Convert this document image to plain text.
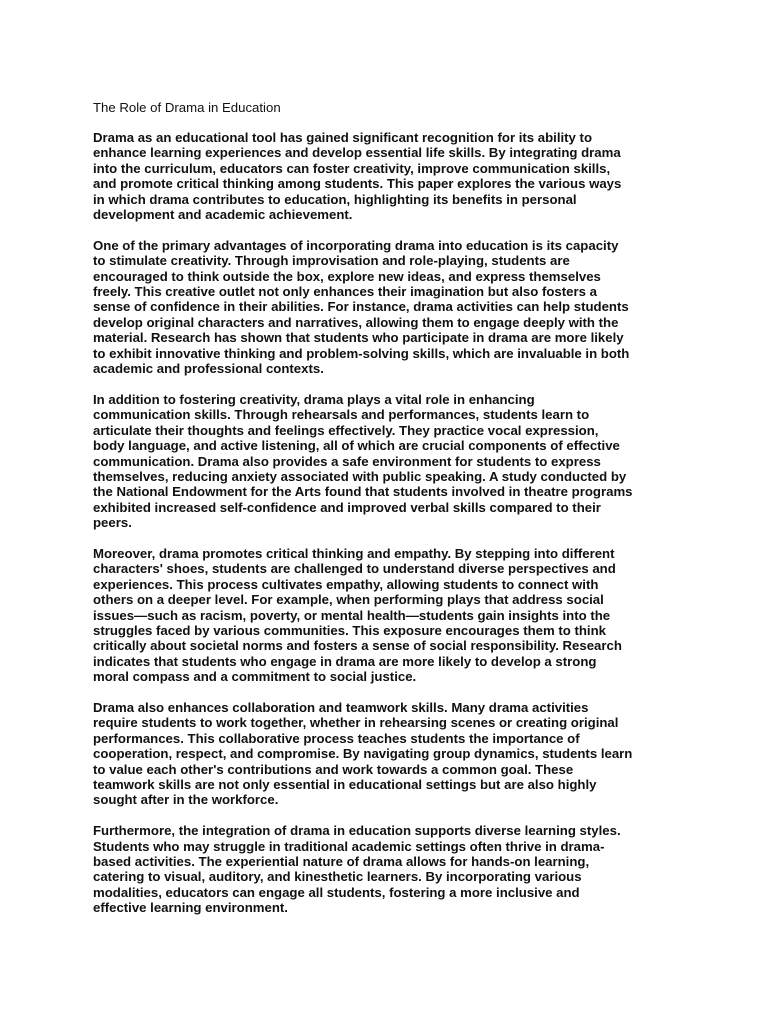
The Role of Drama in Education
Drama as an educational tool has gained significant recognition for its ability to
enhance learning experiences and develop essential life skills. By integrating drama
into the curriculum, educators can foster creativity, improve communication skills,
and promote critical thinking among students. This paper explores the various ways
in which drama contributes to education, highlighting its benefits in personal
development and academic achievement.
One of the primary advantages of incorporating drama into education is its capacity
to stimulate creativity. Through improvisation and role-playing, students are
encouraged to think outside the box, explore new ideas, and express themselves
freely. This creative outlet not only enhances their imagination but also fosters a
sense of confidence in their abilities. For instance, drama activities can help students
develop original characters and narratives, allowing them to engage deeply with the
material. Research has shown that students who participate in drama are more likely
to exhibit innovative thinking and problem-solving skills, which are invaluable in both
academic and professional contexts.
In addition to fostering creativity, drama plays a vital role in enhancing
communication skills. Through rehearsals and performances, students learn to
articulate their thoughts and feelings effectively. They practice vocal expression,
body language, and active listening, all of which are crucial components of effective
communication. Drama also provides a safe environment for students to express
themselves, reducing anxiety associated with public speaking. A study conducted by
the National Endowment for the Arts found that students involved in theatre programs
exhibited increased self-confidence and improved verbal skills compared to their
peers.
Moreover, drama promotes critical thinking and empathy. By stepping into different
characters' shoes, students are challenged to understand diverse perspectives and
experiences. This process cultivates empathy, allowing students to connect with
others on a deeper level. For example, when performing plays that address social
issues—such as racism, poverty, or mental health—students gain insights into the
struggles faced by various communities. This exposure encourages them to think
critically about societal norms and fosters a sense of social responsibility. Research
indicates that students who engage in drama are more likely to develop a strong
moral compass and a commitment to social justice.
Drama also enhances collaboration and teamwork skills. Many drama activities
require students to work together, whether in rehearsing scenes or creating original
performances. This collaborative process teaches students the importance of
cooperation, respect, and compromise. By navigating group dynamics, students learn
to value each other's contributions and work towards a common goal. These
teamwork skills are not only essential in educational settings but are also highly
sought after in the workforce.
Furthermore, the integration of drama in education supports diverse learning styles.
Students who may struggle in traditional academic settings often thrive in drama-
based activities. The experiential nature of drama allows for hands-on learning,
catering to visual, auditory, and kinesthetic learners. By incorporating various
modalities, educators can engage all students, fostering a more inclusive and
effective learning environment.
